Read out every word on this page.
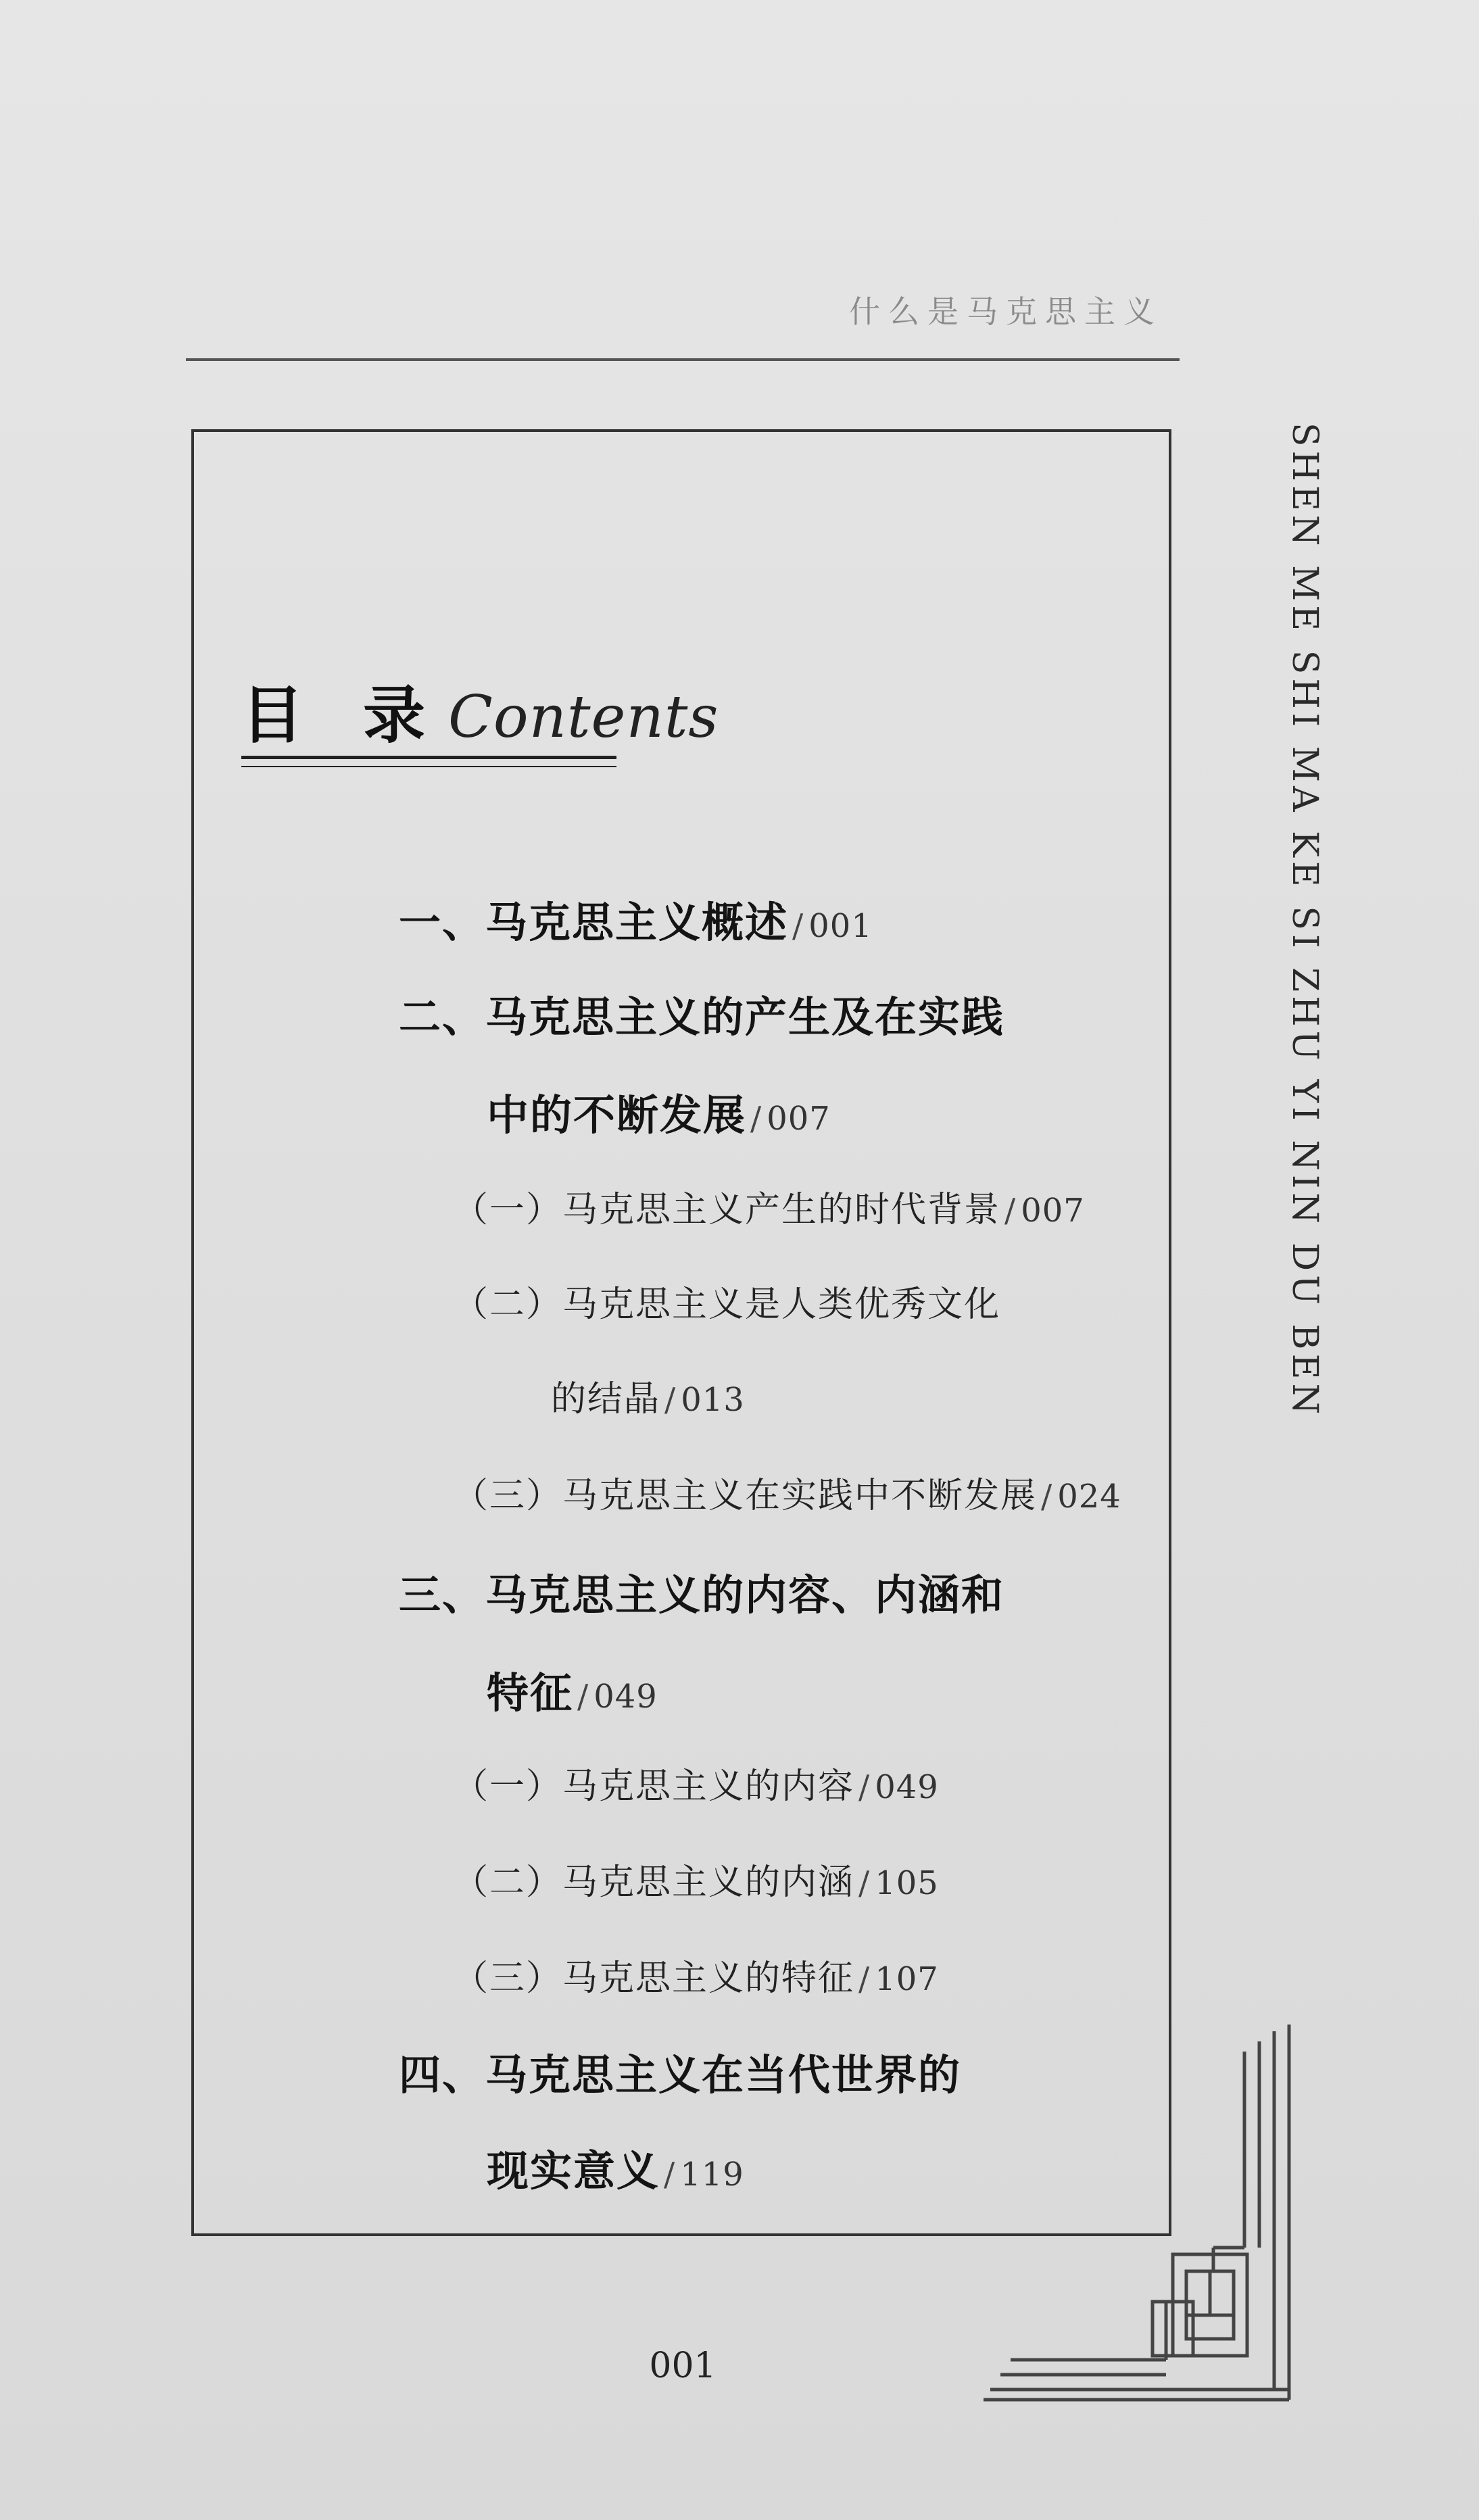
什么是马克思主义

目 录 Contents
一、马克思主义概述 / 001
二、马克思主义的产生及在实践
中的不断发展 / 007
（一）马克思主义产生的时代背景 / 007
（二）马克思主义是人类优秀文化
的结晶 / 013
（三）马克思主义在实践中不断发展 / 024
三、马克思主义的内容、内涵和
特征 / 049
（一）马克思主义的内容 / 049
（二）马克思主义的内涵 / 105
（三）马克思主义的特征 / 107
四、马克思主义在当代世界的
现实意义 / 119
SHEN ME SHI MA KE SI ZHU YI NIN DU BEN
001
